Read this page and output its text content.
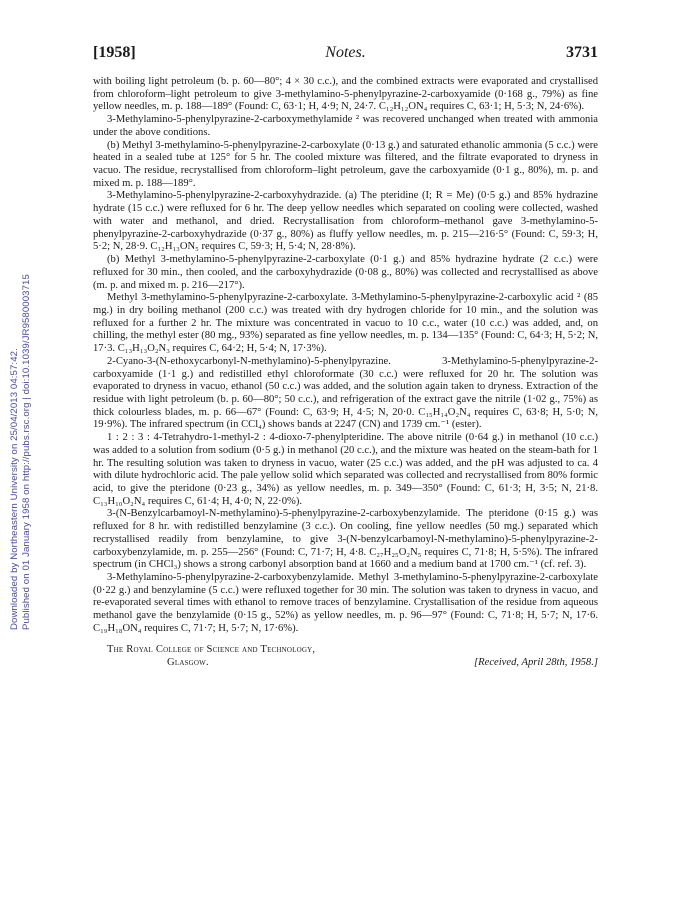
Downloaded by Northeastern University on 25/04/2013 04:57:42. Published on 01 January 1958 on http://pubs.rsc.org | doi:10.1039/JR9580003715
[1958]	Notes.	3731

with boiling light petroleum (b. p. 60—80°; 4 × 30 c.c.), and the combined extracts were evaporated and crystallised from chloroform–light petroleum to give 3-methylamino-5-phenylpyrazine-2-carboxyamide (0·168 g., 79%) as fine yellow needles, m. p. 188—189° (Found: C, 63·1; H, 4·9; N, 24·7. C₁₂H₁₂ON₄ requires C, 63·1; H, 5·3; N, 24·6%).

3-Methylamino-5-phenylpyrazine-2-carboxymethylamide ² was recovered unchanged when treated with ammonia under the above conditions.

(b) Methyl 3-methylamino-5-phenylpyrazine-2-carboxylate (0·13 g.) and saturated ethanolic ammonia (5 c.c.) were heated in a sealed tube at 125° for 5 hr. The cooled mixture was filtered, and the filtrate evaporated to dryness in vacuo. The residue, recrystallised from chloroform–light petroleum, gave the carboxyamide (0·1 g., 80%), m. p. and mixed m. p. 188—189°.

3-Methylamino-5-phenylpyrazine-2-carboxyhydrazide. (a) The pteridine (I; R = Me) (0·5 g.) and 85% hydrazine hydrate (15 c.c.) were refluxed for 6 hr. The deep yellow needles which separated on cooling were collected, washed with water and methanol, and dried. Recrystallisation from chloroform–methanol gave 3-methylamino-5-phenylpyrazine-2-carboxyhydrazide (0·37 g., 80%) as fluffy yellow needles, m. p. 215—216·5° (Found: C, 59·3; H, 5·2; N, 28·9. C₁₂H₁₃ON₅ requires C, 59·3; H, 5·4; N, 28·8%).

(b) Methyl 3-methylamino-5-phenylpyrazine-2-carboxylate (0·1 g.) and 85% hydrazine hydrate (2 c.c.) were refluxed for 30 min., then cooled, and the carboxyhydrazide (0·08 g., 80%) was collected and recrystallised as above (m. p. and mixed m. p. 216—217°).

Methyl 3-methylamino-5-phenylpyrazine-2-carboxylate. 3-Methylamino-5-phenylpyrazine-2-carboxylic acid ² (85 mg.) in dry boiling methanol (200 c.c.) was treated with dry hydrogen chloride for 10 min., and the solution was refluxed for a further 2 hr. The mixture was concentrated in vacuo to 10 c.c., water (10 c.c.) was added, and, on chilling, the methyl ester (80 mg., 93%) separated as fine yellow needles, m. p. 134—135° (Found: C, 64·3; H, 5·2; N, 17·3. C₁₃H₁₃O₂N₃ requires C, 64·2; H, 5·4; N, 17·3%).

2-Cyano-3-(N-ethoxycarbonyl-N-methylamino)-5-phenylpyrazine. 3-Methylamino-5-phenylpyrazine-2-carboxyamide (1·1 g.) and redistilled ethyl chloroformate (30 c.c.) were refluxed for 20 hr. The solution was evaporated to dryness in vacuo, ethanol (50 c.c.) was added, and the solution again taken to dryness. Extraction of the residue with light petroleum (b. p. 60—80°; 50 c.c.), and refrigeration of the extract gave the nitrile (1·02 g., 75%) as thick colourless blades, m. p. 66—67° (Found: C, 63·9; H, 4·5; N, 20·0. C₁₅H₁₄O₂N₄ requires C, 63·8; H, 5·0; N, 19·9%). The infrared spectrum (in CCl₄) shows bands at 2247 (CN) and 1739 cm.⁻¹ (ester).

1 : 2 : 3 : 4-Tetrahydro-1-methyl-2 : 4-dioxo-7-phenylpteridine. The above nitrile (0·64 g.) in methanol (10 c.c.) was added to a solution from sodium (0·5 g.) in methanol (20 c.c.), and the mixture was heated on the steam-bath for 1 hr. The resulting solution was taken to dryness in vacuo, water (25 c.c.) was added, and the pH was adjusted to ca. 4 with dilute hydrochloric acid. The pale yellow solid which separated was collected and recrystallised from 80% formic acid, to give the pteridone (0·23 g., 34%) as yellow needles, m. p. 349—350° (Found: C, 61·3; H, 3·5; N, 21·8. C₁₃H₁₀O₂N₄ requires C, 61·4; H, 4·0; N, 22·0%).

3-(N-Benzylcarbamoyl-N-methylamino)-5-phenylpyrazine-2-carboxybenzylamide. The pteridone (0·15 g.) was refluxed for 8 hr. with redistilled benzylamine (3 c.c.). On cooling, fine yellow needles (50 mg.) separated which recrystallised readily from benzylamine, to give 3-(N-benzylcarbamoyl-N-methylamino)-5-phenylpyrazine-2-carboxybenzylamide, m. p. 255—256° (Found: C, 71·7; H, 4·8. C₂₇H₂₅O₂N₅ requires C, 71·8; H, 5·5%). The infrared spectrum (in CHCl₃) shows a strong carbonyl absorption band at 1660 and a medium band at 1700 cm.⁻¹ (cf. ref. 3).

3-Methylamino-5-phenylpyrazine-2-carboxybenzylamide. Methyl 3-methylamino-5-phenylpyrazine-2-carboxylate (0·22 g.) and benzylamine (5 c.c.) were refluxed together for 30 min. The solution was taken to dryness in vacuo, and re-evaporated several times with ethanol to remove traces of benzylamine. Crystallisation of the residue from aqueous methanol gave the benzylamide (0·15 g., 52%) as yellow needles, m. p. 96—97° (Found: C, 71·8; H, 5·7; N, 17·6. C₁₉H₁₈ON₄ requires C, 71·7; H, 5·7; N, 17·6%).

The Royal College of Science and Technology,
Glasgow.	[Received, April 28th, 1958.]
